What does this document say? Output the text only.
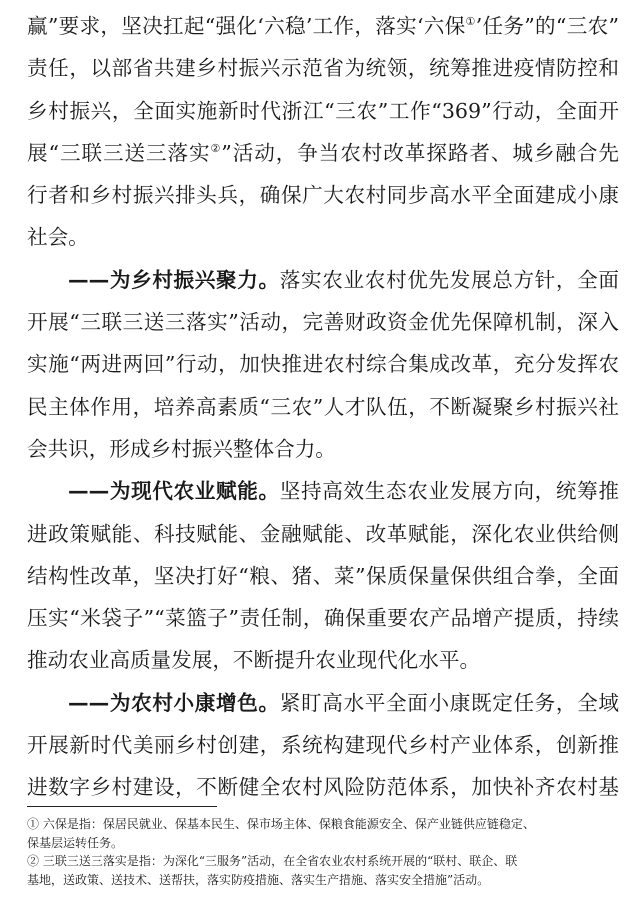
赢”要求，坚决扛起“强化‘六稳’工作，落实‘六保①’任务”的“三农”
责任，以部省共建乡村振兴示范省为统领，统筹推进疫情防控和
乡村振兴，全面实施新时代浙江“三农”工作“369”行动，全面开
展“三联三送三落实②”活动，争当农村改革探路者、城乡融合先
行者和乡村振兴排头兵，确保广大农村同步高水平全面建成小康
社会。
——为乡村振兴聚力。落实农业农村优先发展总方针，全面
开展“三联三送三落实”活动，完善财政资金优先保障机制，深入
实施“两进两回”行动，加快推进农村综合集成改革，充分发挥农
民主体作用，培养高素质“三农”人才队伍，不断凝聚乡村振兴社
会共识，形成乡村振兴整体合力。
——为现代农业赋能。坚持高效生态农业发展方向，统筹推
进政策赋能、科技赋能、金融赋能、改革赋能，深化农业供给侧
结构性改革，坚决打好“粮、猪、菜”保质保量保供组合拳，全面
压实“米袋子”“菜篮子”责任制，确保重要农产品增产提质，持续
推动农业高质量发展，不断提升农业现代化水平。
——为农村小康增色。紧盯高水平全面小康既定任务，全域
开展新时代美丽乡村创建，系统构建现代乡村产业体系，创新推
进数字乡村建设，不断健全农村风险防范体系，加快补齐农村基
① 六保是指：保居民就业、保基本民生、保市场主体、保粮食能源安全、保产业链供应链稳定、
保基层运转任务。
② 三联三送三落实是指：为深化“三服务”活动，在全省农业农村系统开展的“联村、联企、联
基地，送政策、送技术、送帮扶，落实防疫措施、落实生产措施、落实安全措施”活动。
